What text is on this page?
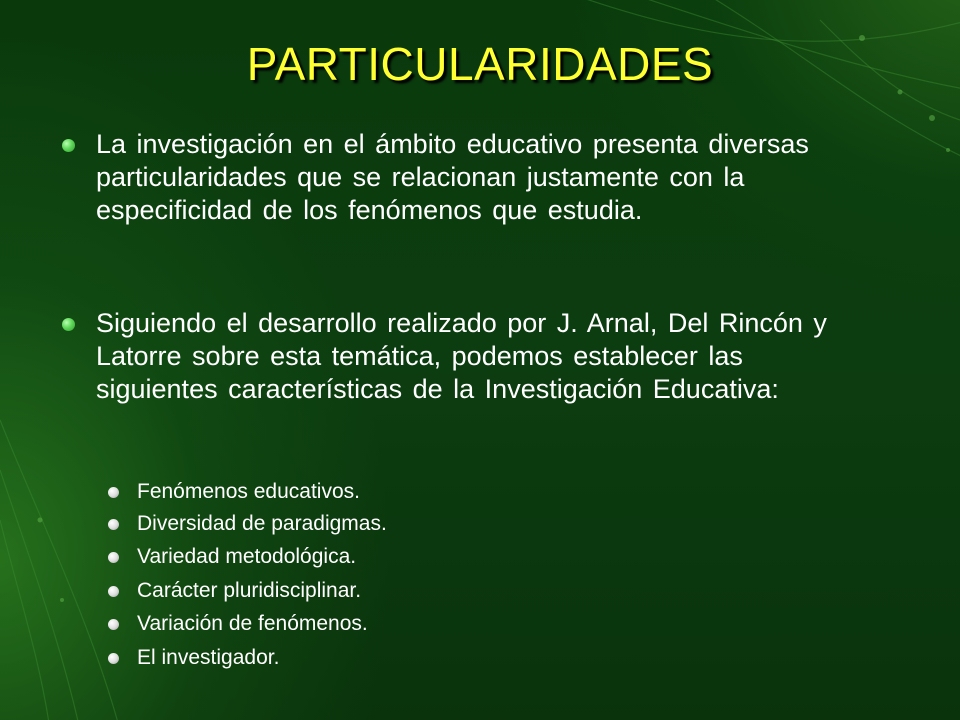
PARTICULARIDADES
La investigación en el ámbito educativo presenta diversas particularidades que se relacionan justamente con la especificidad de los fenómenos que estudia.
Siguiendo el desarrollo realizado por J. Arnal, Del Rincón y Latorre sobre esta temática, podemos establecer las siguientes características de la Investigación Educativa:
Fenómenos educativos.
Diversidad de paradigmas.
Variedad metodológica.
Carácter pluridisciplinar.
Variación de fenómenos.
El investigador.
